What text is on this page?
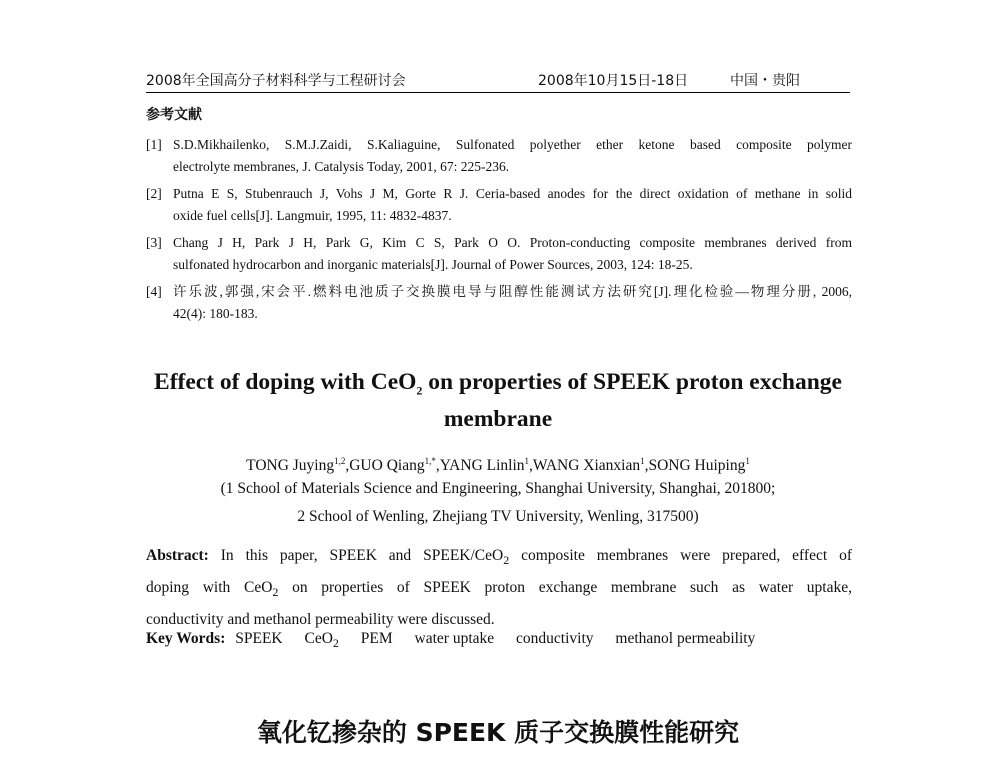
2008年全国高分子材料科学与工程研讨会	2008年10月15日-18日	中国・贵阳
参考文献
[1] S.D.Mikhailenko, S.M.J.Zaidi, S.Kaliaguine, Sulfonated polyether ether ketone based composite polymer
electrolyte membranes, J. Catalysis Today, 2001, 67: 225-236.
[2] Putna E S, Stubenrauch J, Vohs J M, Gorte R J. Ceria-based anodes for the direct oxidation of methane in solid
oxide fuel cells[J]. Langmuir, 1995, 11: 4832-4837.
[3] Chang J H, Park J H, Park G, Kim C S, Park O O. Proton-conducting composite membranes derived from
sulfonated hydrocarbon and inorganic materials[J]. Journal of Power Sources, 2003, 124: 18-25.
[4] 许乐波,郭强,宋会平.燃料电池质子交换膜电导与阻醇性能测试方法研究[J].理化检验—物理分册, 2006,
42(4): 180-183.
Effect of doping with CeO$_2$ on properties of SPEEK proton exchange
membrane
TONG Juying$^{1,2}$,GUO Qiang$^{1,*}$,YANG Linlin$^1$,WANG Xianxian$^1$,SONG Huiping$^1$
(1 School of Materials Science and Engineering, Shanghai University, Shanghai, 201800;
2 School of Wenling, Zhejiang TV University, Wenling, 317500)
Abstract: In this paper, SPEEK and SPEEK/CeO$_2$ composite membranes were prepared, effect of
doping with CeO$_2$ on properties of SPEEK proton exchange membrane such as water uptake,
conductivity and methanol permeability were discussed.
Key Words: SPEEK CeO$_2$ PEM water uptake conductivity methanol permeability
氧化钇掺杂的 SPEEK 质子交换膜性能研究
